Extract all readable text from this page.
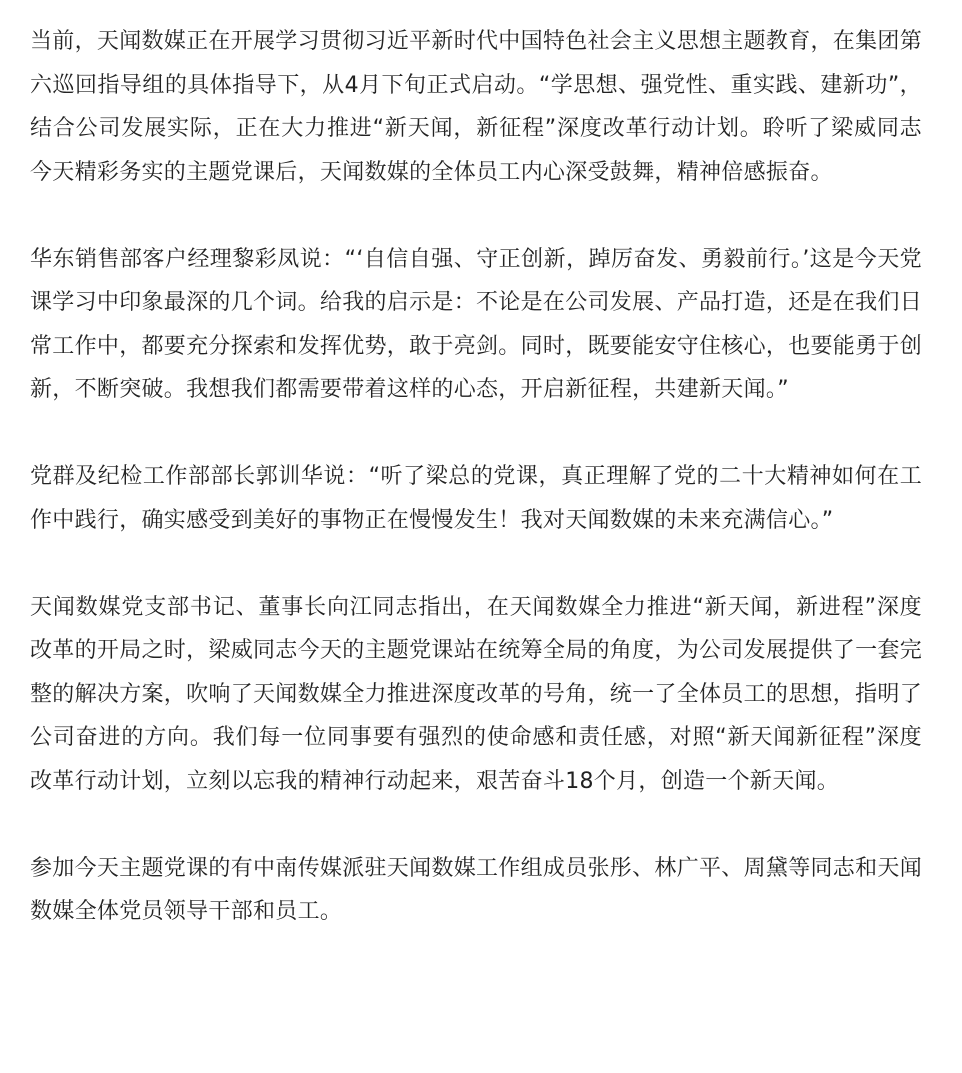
当前，天闻数媒正在开展学习贯彻习近平新时代中国特色社会主义思想主题教育，在集团第六巡回指导组的具体指导下，从4月下旬正式启动。“学思想、强党性、重实践、建新功”，结合公司发展实际，正在大力推进“新天闻，新征程”深度改革行动计划。聆听了梁威同志今天精彩务实的主题党课后，天闻数媒的全体员工内心深受鼓舞，精神倍感振奋。

华东销售部客户经理黎彩凤说：“‘自信自强、守正创新，踔厉奋发、勇毅前行。’这是今天党课学习中印象最深的几个词。给我的启示是：不论是在公司发展、产品打造，还是在我们日常工作中，都要充分探索和发挥优势，敢于亮剑。同时，既要能安守住核心，也要能勇于创新，不断突破。我想我们都需要带着这样的心态，开启新征程，共建新天闻。”

党群及纪检工作部部长郭训华说：“听了梁总的党课，真正理解了党的二十大精神如何在工作中践行，确实感受到美好的事物正在慢慢发生！我对天闻数媒的未来充满信心。”

天闻数媒党支部书记、董事长向江同志指出，在天闻数媒全力推进“新天闻，新进程”深度改革的开局之时，梁威同志今天的主题党课站在统筹全局的角度，为公司发展提供了一套完整的解决方案，吹响了天闻数媒全力推进深度改革的号角，统一了全体员工的思想，指明了公司奋进的方向。我们每一位同事要有强烈的使命感和责任感，对照“新天闻新征程”深度改革行动计划，立刻以忘我的精神行动起来，艰苦奋斗18个月，创造一个新天闻。

参加今天主题党课的有中南传媒派驻天闻数媒工作组成员张彤、林广平、周黛等同志和天闻数媒全体党员领导干部和员工。
